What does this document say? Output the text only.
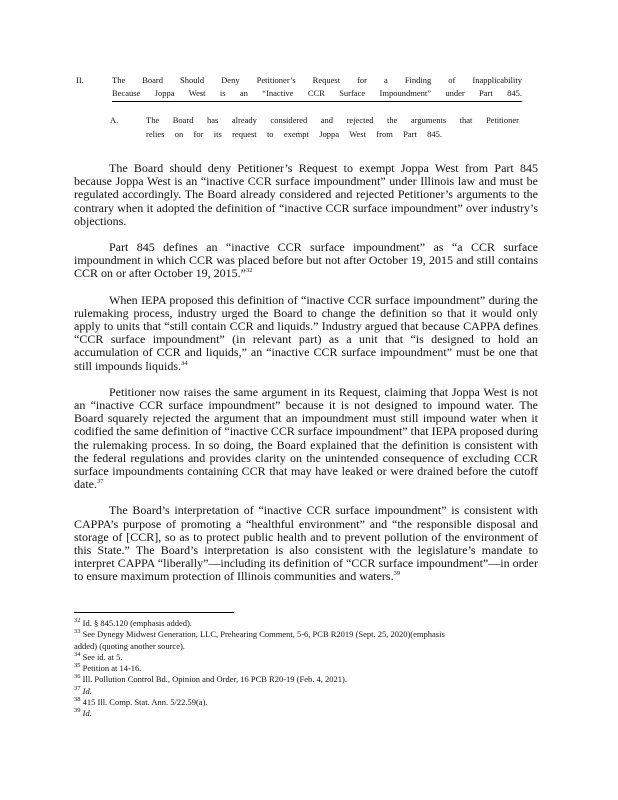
II.	The Board Should Deny Petitioner’s Request for a Finding of Inapplicability
Because Joppa West is an “Inactive CCR Surface Impoundment” under Part 845.
A.	The Board has already considered and rejected the arguments that Petitioner
relies on for its request to exempt Joppa West from Part 845.

The Board should deny Petitioner’s Request to exempt Joppa West from Part 845 because Joppa West is an “inactive CCR surface impoundment” under Illinois law and must be regulated accordingly. The Board already considered and rejected Petitioner’s arguments to the contrary when it adopted the definition of “inactive CCR surface impoundment” over industry’s objections.

Part 845 defines an “inactive CCR surface impoundment” as “a CCR surface impoundment in which CCR was placed before but not after October 19, 2015 and still contains CCR on or after October 19, 2015.”$^{32}$

When IEPA proposed this definition of “inactive CCR surface impoundment” during the rulemaking process, industry urged the Board to change the definition so that it would only apply to units that “still contain CCR and liquids.” Industry argued that because CAPPA defines “CCR surface impoundment” (in relevant part) as a unit that “is designed to hold an accumulation of CCR and liquids,” an “inactive CCR surface impoundment” must be one that still impounds liquids.$^{34}$

Petitioner now raises the same argument in its Request, claiming that Joppa West is not an “inactive CCR surface impoundment” because it is not designed to impound water. The Board squarely rejected the argument that an impoundment must still impound water when it codified the same definition of “inactive CCR surface impoundment” that IEPA proposed during the rulemaking process. In so doing, the Board explained that the definition is consistent with the federal regulations and provides clarity on the unintended consequence of excluding CCR surface impoundments containing CCR that may have leaked or were drained before the cutoff date.$^{37}$

The Board’s interpretation of “inactive CCR surface impoundment” is consistent with CAPPA’s purpose of promoting a “healthful environment” and “the responsible disposal and storage of [CCR], so as to protect public health and to prevent pollution of the environment of this State.” The Board’s interpretation is also consistent with the legislature’s mandate to interpret CAPPA “liberally”—including its definition of “CCR surface impoundment”—in order to ensure maximum protection of Illinois communities and waters.$^{39}$

$^{32}$ Id. § 845.120 (emphasis added).
$^{33}$ See Dynegy Midwest Generation, LLC, Prehearing Comment, 5-6, PCB R2019 (Sept. 25, 2020)(emphasis
added) (quoting another source).
$^{34}$ See id. at 5.
$^{35}$ Petition at 14-16.
$^{36}$ Ill. Pollution Control Bd., Opinion and Order, 16 PCB R20-19 (Feb. 4, 2021).
$^{37}$ Id.
$^{38}$ 415 Ill. Comp. Stat. Ann. 5/22.59(a).
$^{39}$ Id.
